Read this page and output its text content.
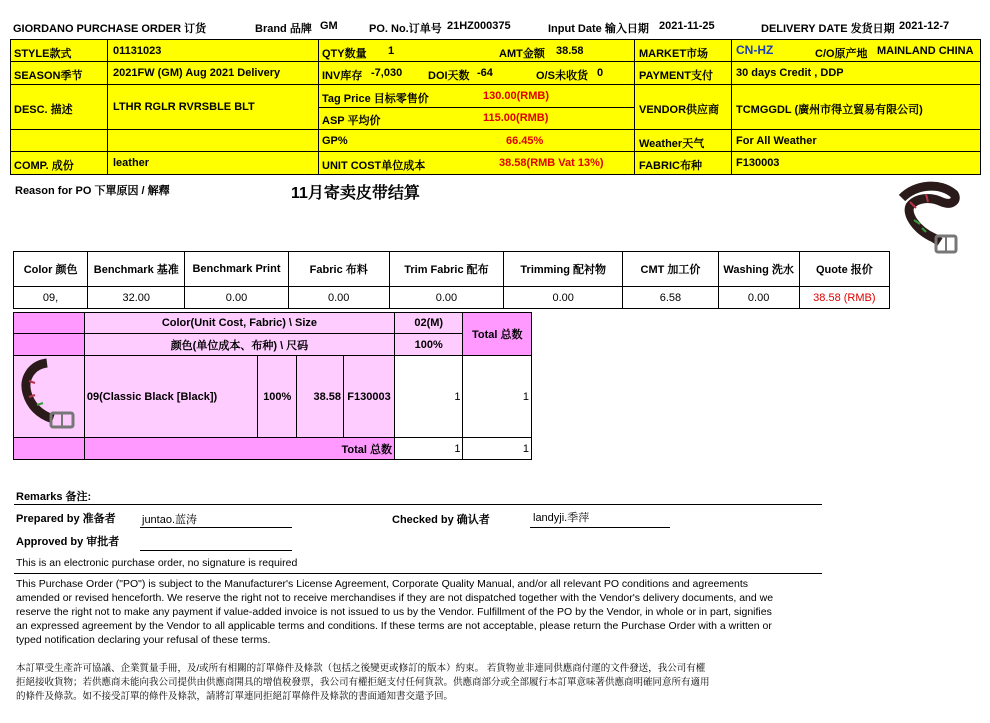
GIORDANO PURCHASE ORDER 订货	Brand 品牌 GM	PO. No.订单号 21HZ000375	Input Date 输入日期 2021-11-25	DELIVERY DATE 发货日期 2021-12-7
STYLE款式	01131023	QTY数量 1	AMT金额 38.58	MARKET市场 CN-HZ	C/O原产地 MAINLAND CHINA
SEASON季节	2021FW (GM) Aug 2021 Delivery	INV库存 -7,030 DOI天数 -64	O/S未收货 0	PAYMENT支付 30 days Credit , DDP
DESC. 描述	LTHR RGLR RVRSBLE BLT
Tag Price 目标零售价	130.00(RMB)
ASP 平均价	115.00(RMB)
VENDOR供应商 TCMGGDL (廣州市得立貿易有限公司)
GP%	66.45%	Weather天气	For All Weather
COMP. 成份	leather	UNIT COST单位成本	38.58(RMB Vat 13%)	FABRIC布种	F130003
Reason for PO 下單原因 / 解釋	11月寄卖皮带结算
Color 颜色	Benchmark 基准	Benchmark Print	Fabric 布料	Trim Fabric 配布	Trimming 配衬物	CMT 加工价	Washing 洗水	Quote 报价
09,	32.00	0.00	0.00	0.00	0.00	6.58	0.00	38.58 (RMB)
	Color(Unit Cost, Fabric) \ Size				02(M)	Total 总数
	颜色(单位成本、布种) \ 尺码				100%	
	09(Classic Black [Black])	100%	38.58	F130003	1	1
	Total 总数				1	1
Remarks 备注:
Prepared by 准备者 juntao.蓝涛	Checked by 确认者	landyji.季萍
Approved by 审批者
This is an electronic purchase order, no signature is required
This Purchase Order ("PO") is subject to the Manufacturer's License Agreement, Corporate Quality Manual, and/or all relevant PO conditions and agreements
amended or revised henceforth. We reserve the right not to receive merchandises if they are not dispatched together with the Vendor's delivery documents, and we
reserve the right not to make any payment if value-added invoice is not issued to us by the Vendor. Fulfillment of the PO by the Vendor, in whole or in part, signifies
an expressed agreement by the Vendor to all applicable terms and conditions. If these terms are not acceptable, please return the Purchase Order with a written or
typed notification declaring your refusal of these terms.
本訂單受生產許可協議、企業質量手冊，及/或所有相關的訂單條件及條款（包括之後變更或修訂的版本）約束。 若貨物並非連同供應商付運的文件發送，我公司有權
拒絕接收貨物；若供應商未能向我公司提供由供應商開具的增值稅發票，我公司有權拒絕支付任何貨款。供應商部分或全部履行本訂單意味著供應商明確同意所有適用
的條件及條款。如不接受訂單的條件及條款，請將訂單連同拒絕訂單條件及條款的書面通知書交還予回。
